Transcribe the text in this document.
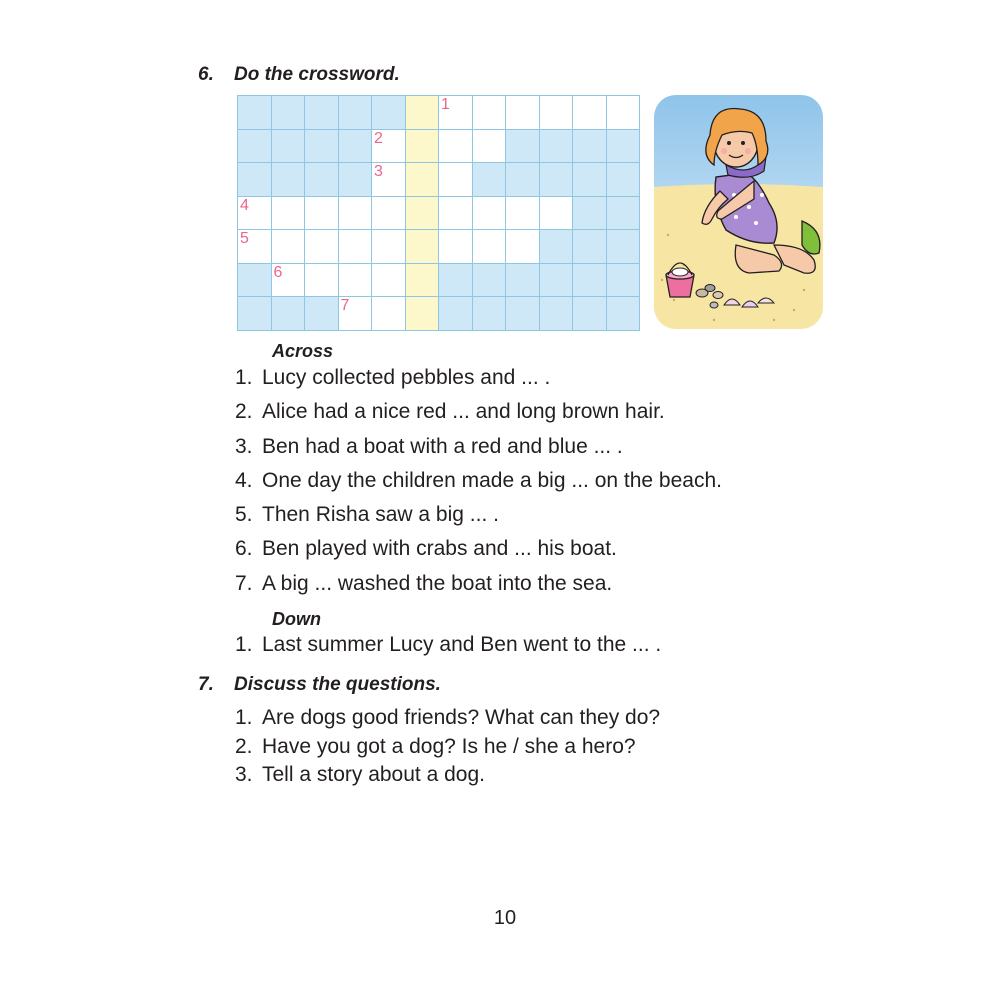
6. Do the crossword.
1
2
3
4
5
6
7
Across
1. Lucy collected pebbles and ... .
2. Alice had a nice red ... and long brown hair.
3. Ben had a boat with a red and blue ... .
4. One day the children made a big ... on the beach.
5. Then Risha saw a big ... .
6. Ben played with crabs and ... his boat.
7. A big ... washed the boat into the sea.
Down
1. Last summer Lucy and Ben went to the ... .
7. Discuss the questions.
1. Are dogs good friends? What can they do?
2. Have you got a dog? Is he / she a hero?
3. Tell a story about a dog.
10
